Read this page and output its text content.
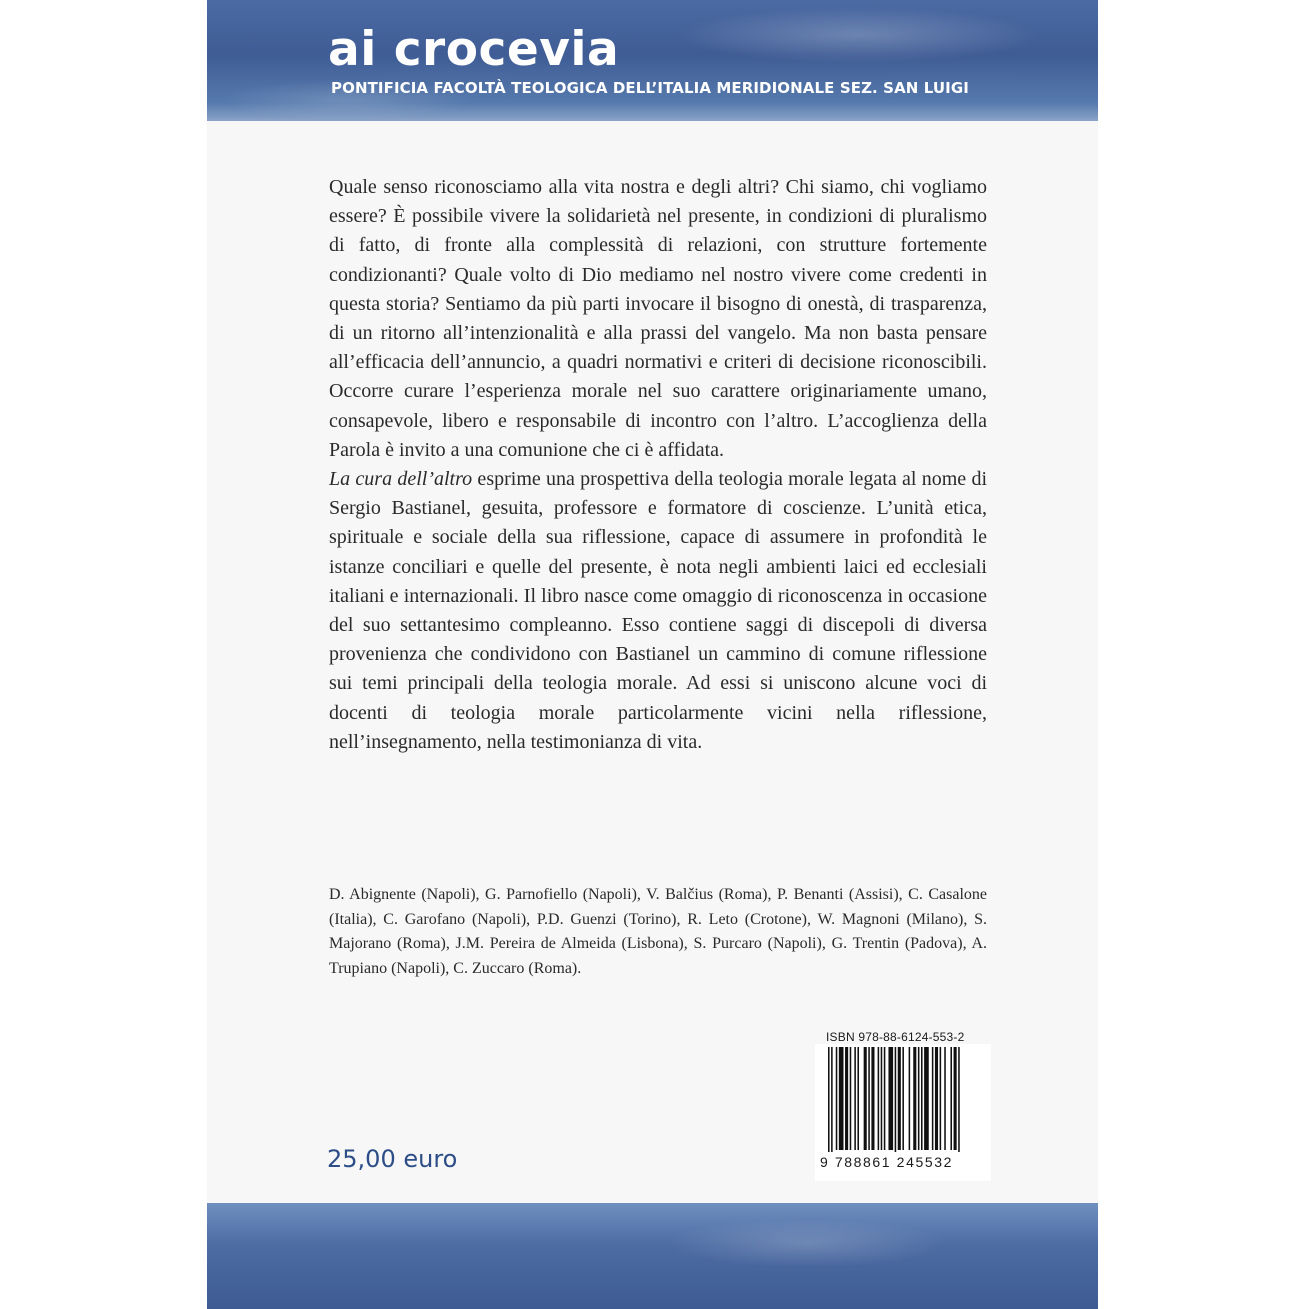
ai crocevia
PONTIFICIA FACOLTÀ TEOLOGICA DELL’ITALIA MERIDIONALE SEZ. SAN LUIGI

Quale senso riconosciamo alla vita nostra e degli altri? Chi siamo, chi vogliamo essere? È possibile vivere la solidarietà nel presente, in condizioni di pluralismo di fatto, di fronte alla complessità di relazioni, con strutture fortemente condizionanti? Quale volto di Dio mediamo nel nostro vivere come credenti in questa storia? Sentiamo da più parti invocare il bisogno di onestà, di trasparenza, di un ritorno all’intenzionalità e alla prassi del vangelo. Ma non basta pensare all’efficacia dell’annuncio, a quadri normativi e criteri di decisione riconoscibili. Occorre curare l’esperienza morale nel suo carattere originariamente umano, consapevole, libero e responsabile di incontro con l’altro. L’accoglienza della Parola è invito a una comunione che ci è affidata.

La cura dell’altro esprime una prospettiva della teologia morale legata al nome di Sergio Bastianel, gesuita, professore e formatore di coscienze. L’unità etica, spirituale e sociale della sua riflessione, capace di assumere in profondità le istanze conciliari e quelle del presente, è nota negli ambienti laici ed ecclesiali italiani e internazionali. Il libro nasce come omaggio di riconoscenza in occasione del suo settantesimo compleanno. Esso contiene saggi di discepoli di diversa provenienza che condividono con Bastianel un cammino di comune riflessione sui temi principali della teologia morale. Ad essi si uniscono alcune voci di docenti di teologia morale particolarmente vicini nella riflessione, nell’insegnamento, nella testimonianza di vita.

D. Abignente (Napoli), G. Parnofiello (Napoli), V. Balčius (Roma), P. Benanti (Assisi), C. Casalone (Italia), C. Garofano (Napoli), P.D. Guenzi (Torino), R. Leto (Crotone), W. Magnoni (Milano), S. Majorano (Roma), J.M. Pereira de Almeida (Lisbona), S. Purcaro (Napoli), G. Trentin (Padova), A. Trupiano (Napoli), C. Zuccaro (Roma).

ISBN 978-88-6124-553-2
9 788861 245532
25,00 euro
